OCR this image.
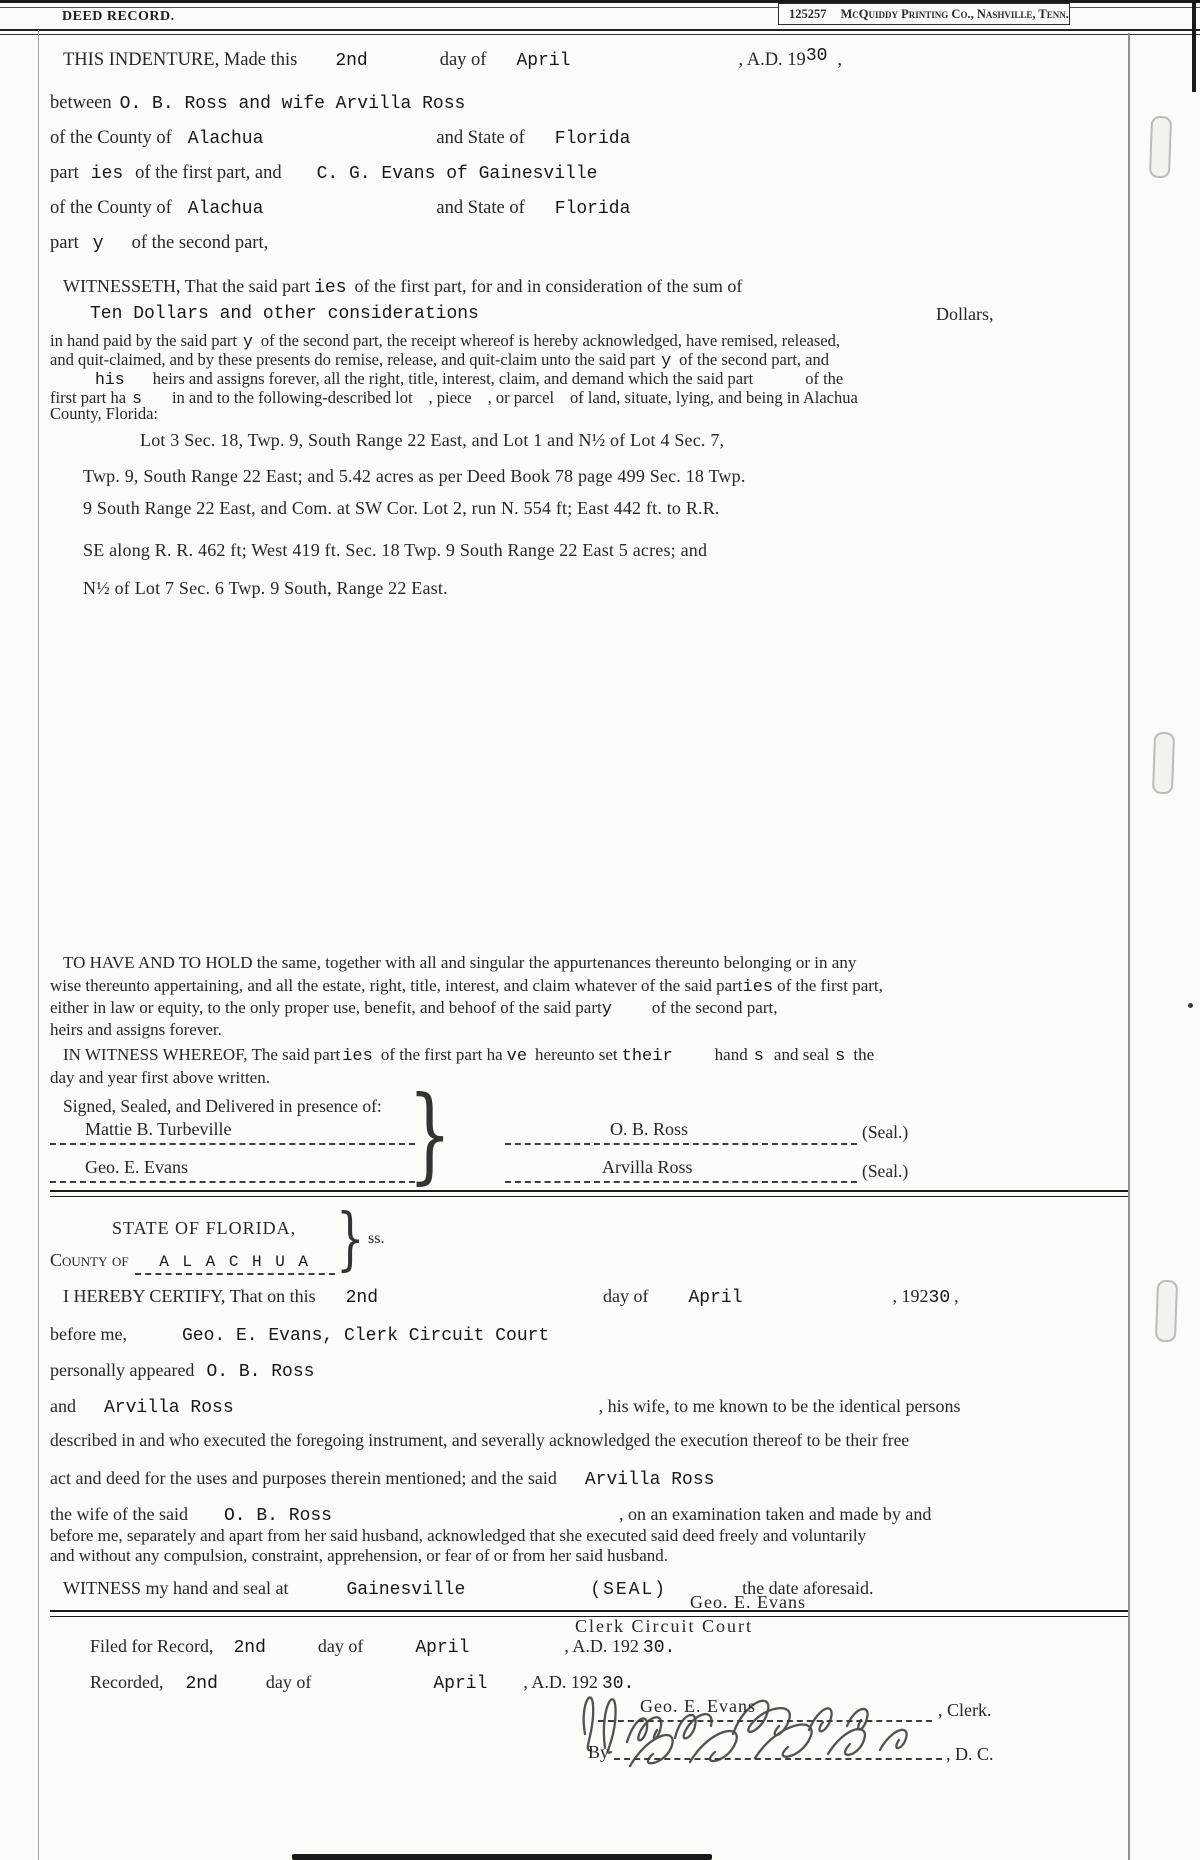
125257 McQuiddy Printing Co., Nashville, Tenn.
DEED RECORD.
THIS INDENTURE, Made this 2nd	day of April	, A.D. 1930 ,
between O. B. Ross and wife Arvilla Ross
of the County of Alachua	and State of Florida
part ies of the first part, and C. G. Evans of Gainesville
of the County of Alachua	and State of Florida
part y of the second part,
WITNESSETH, That the said part ies of the first part, for and in consideration of the sum of
Ten Dollars and other considerations	Dollars,
in hand paid by the said part y of the second part, the receipt whereof is hereby acknowledged, have remised, released,
and quit-claimed, and by these presents do remise, release, and quit-claim unto the said part y of the second part, and
his heirs and assigns forever, all the right, title, interest, claim, and demand which the said part	of the
first part ha s in and to the following-described lot , piece , or parcel of land, situate, lying, and being in Alachua
County, Florida:
Lot 3 Sec. 18, Twp. 9, South Range 22 East, and Lot 1 and N½ of Lot 4 Sec. 7,
Twp. 9, South Range 22 East; and 5.42 acres as per Deed Book 78 page 499 Sec. 18 Twp.
9 South Range 22 East, and Com. at SW Cor. Lot 2, run N. 554 ft; East 442 ft. to R.R.
SE along R. R. 462 ft; West 419 ft. Sec. 18 Twp. 9 South Range 22 East 5 acres; and
N½ of Lot 7 Sec. 6 Twp. 9 South, Range 22 East.
TO HAVE AND TO HOLD the same, together with all and singular the appurtenances thereunto belonging or in any
wise thereunto appertaining, and all the estate, right, title, interest, and claim whatever of the said parties of the first part,
either in law or equity, to the only proper use, benefit, and behoof of the said party of the second part,
heirs and assigns forever.
IN WITNESS WHEREOF, The said part ies of the first part ha ve hereunto set their hand s and seal s the
day and year first above written.
Signed, Sealed, and Delivered in presence of: }
Mattie B. Turbeville
Geo. E. Evans
O. B. Ross	(Seal.)
Arvilla Ross	(Seal.)
STATE OF FLORIDA,
County of A L A C H U A } ss.
I HEREBY CERTIFY, That on this 2nd	day of April	, 19230 ,
before me,	Geo. E. Evans, Clerk Circuit Court
personally appeared O. B. Ross
and Arvilla Ross	, his wife, to me known to be the identical persons
described in and who executed the foregoing instrument, and severally acknowledged the execution thereof to be their free
act and deed for the uses and purposes therein mentioned; and the said Arvilla Ross
the wife of the said O. B. Ross	, on an examination taken and made by and
before me, separately and apart from her said husband, acknowledged that she executed said deed freely and voluntarily
and without any compulsion, constraint, apprehension, or fear of or from her said husband.
WITNESS my hand and seal at	Gainesville	(SEAL)	the date aforesaid.
Geo. E. Evans
Clerk Circuit Court
Filed for Record, 2nd	day of	April	, A.D. 192 30.
Recorded, 2nd	day of	April , A.D. 192 30.
Geo. E. Evans	, Clerk.
By	, D. C.
